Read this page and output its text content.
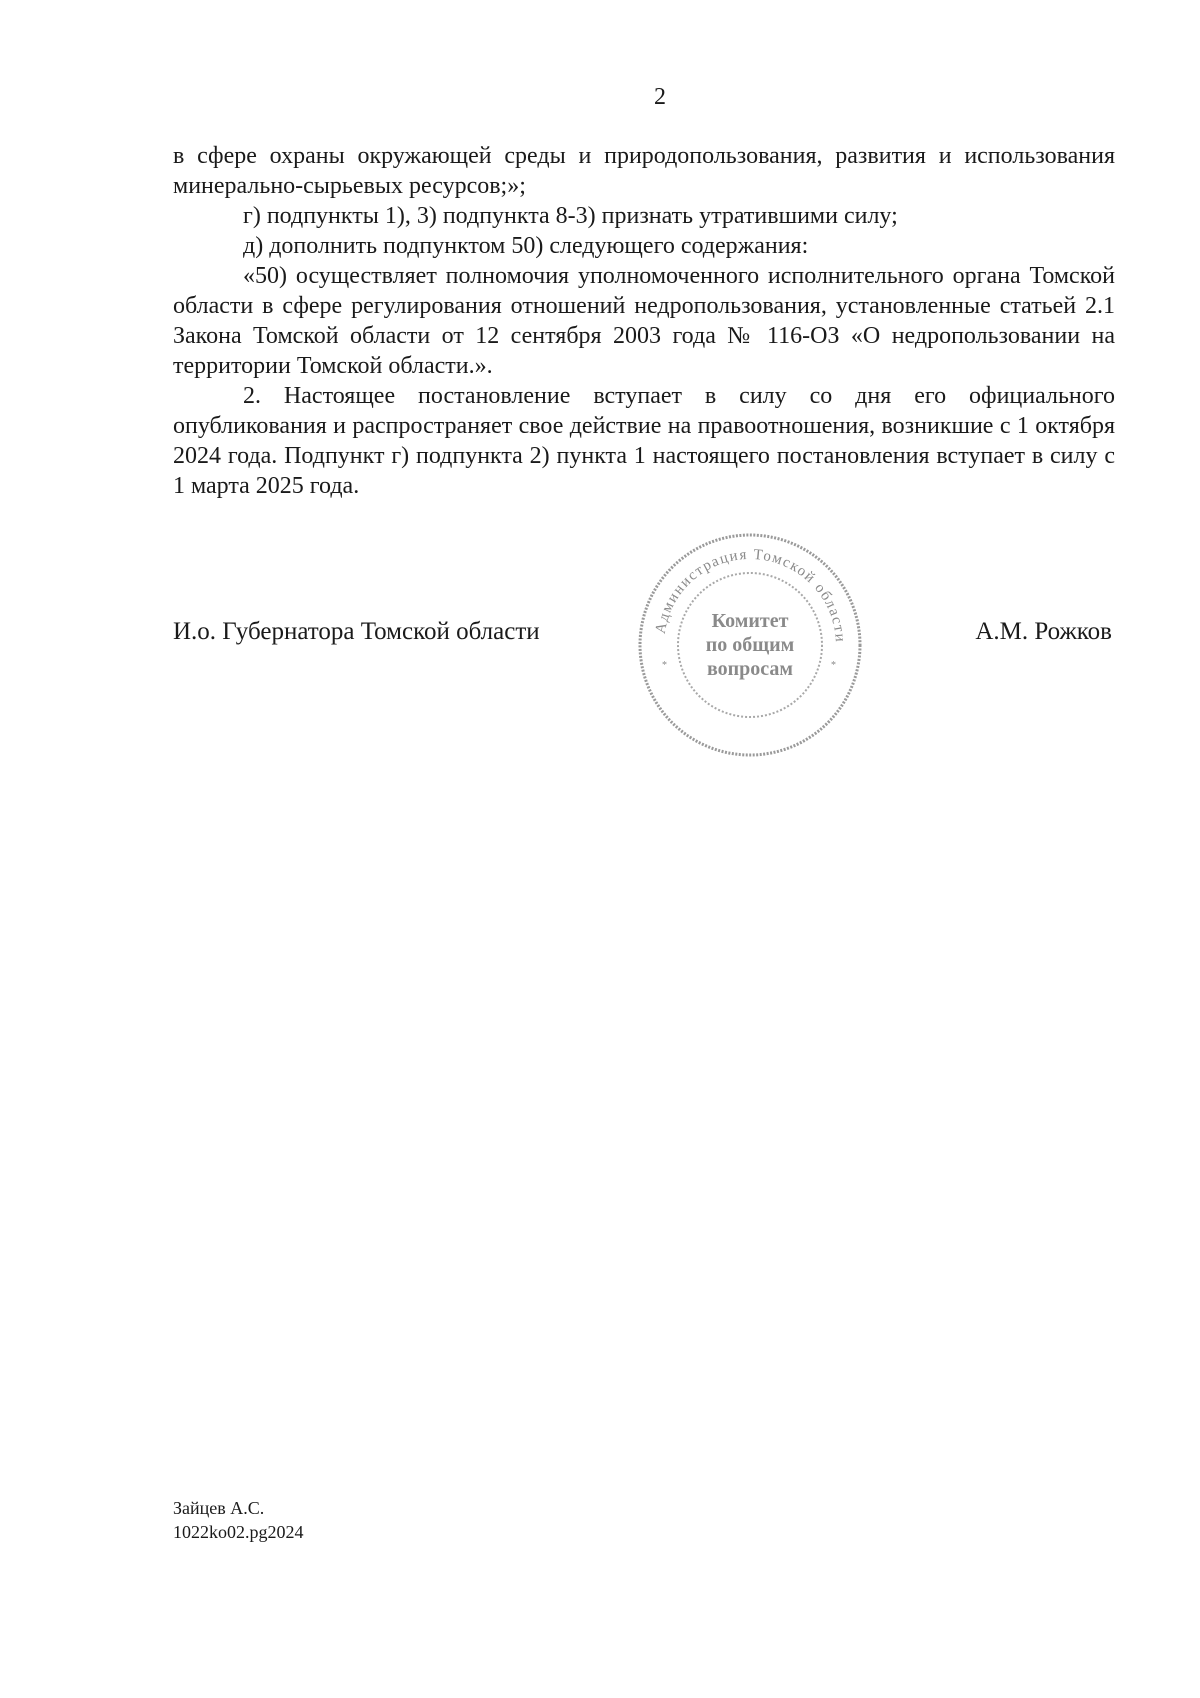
2

в сфере охраны окружающей среды и природопользования, развития и использования минерально-сырьевых ресурсов;»;

г) подпункты 1), 3) подпункта 8-3) признать утратившими силу;

д) дополнить подпунктом 50) следующего содержания:

«50) осуществляет полномочия уполномоченного исполнительного органа Томской области в сфере регулирования отношений недропользования, установленные статьей 2.1 Закона Томской области от 12 сентября 2003 года № 116-ОЗ «О недропользовании на территории Томской области.».

2. Настоящее постановление вступает в силу со дня его официального опубликования и распространяет свое действие на правоотношения, возникшие с 1 октября 2024 года. Подпункт г) подпункта 2) пункта 1 настоящего постановления вступает в силу с 1 марта 2025 года.

И.о. Губернатора Томской области	А.М. Рожков
Администрация Томской области
*	*
Комитет
по общим
вопросам
Зайцев А.С.
1022ko02.pg2024
